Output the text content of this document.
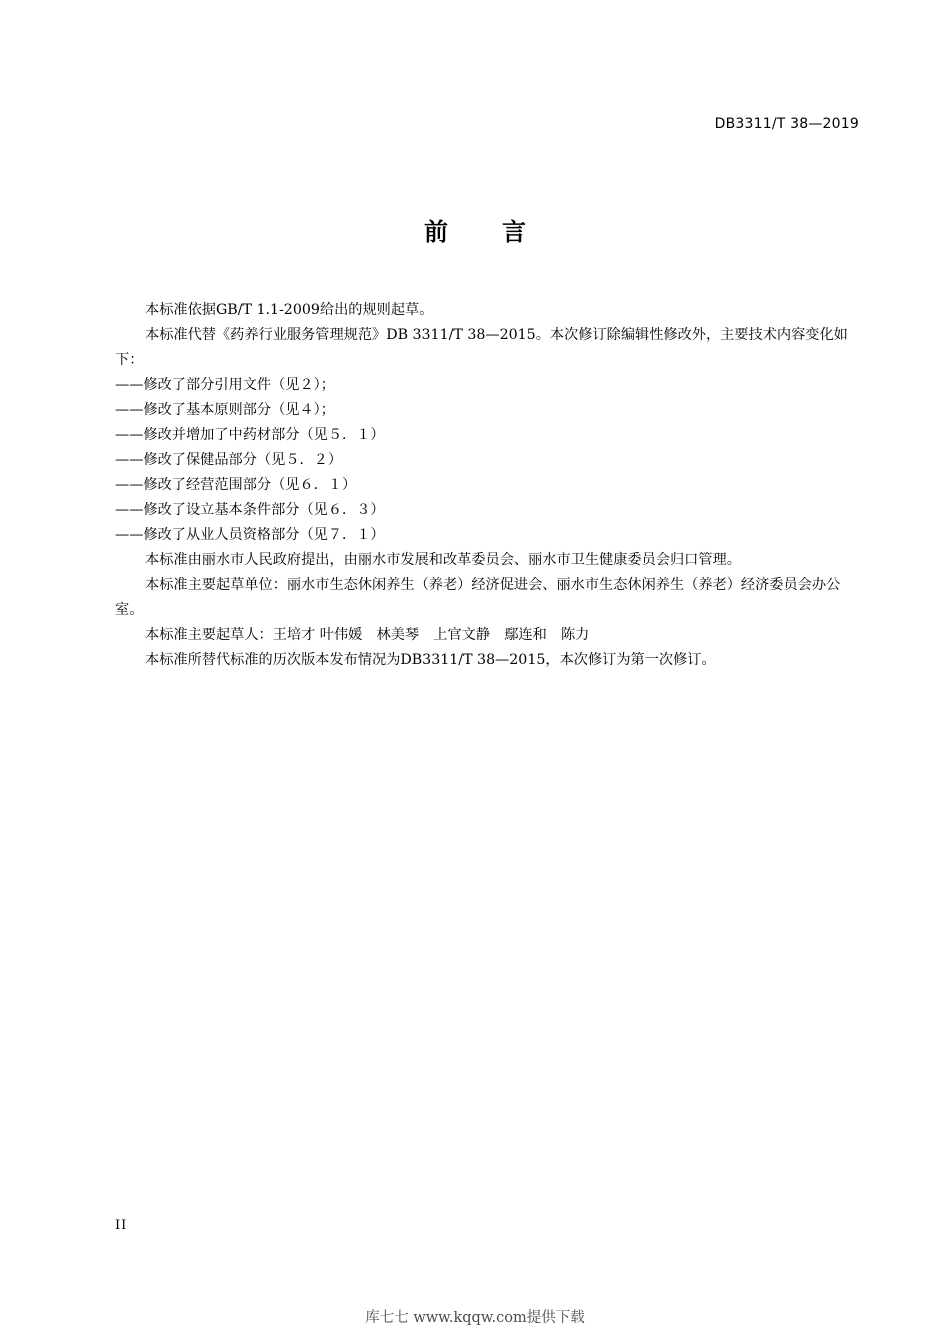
DB3311/T 38—2019
前 言

本标准依据GB/T 1.1-2009给出的规则起草。

本标准代替《药养行业服务管理规范》DB 3311/T 38—2015。本次修订除编辑性修改外，主要技术内容变化如下：

——修改了部分引用文件（见２）；

——修改了基本原则部分（见４）；

——修改并增加了中药材部分（见５．１）

——修改了保健品部分（见５．２）

——修改了经营范围部分（见６．１）

——修改了设立基本条件部分（见６．３）

——修改了从业人员资格部分（见７．１）

本标准由丽水市人民政府提出，由丽水市发展和改革委员会、丽水市卫生健康委员会归口管理。

本标准主要起草单位：丽水市生态休闲养生（养老）经济促进会、丽水市生态休闲养生（养老）经济委员会办公室。

本标准主要起草人：王培才 叶伟媛　林美琴　上官文静　鄢连和　陈力

本标准所替代标准的历次版本发布情况为DB3311/T 38—2015，本次修订为第一次修订。

II
库七七 www.kqqw.com提供下载
